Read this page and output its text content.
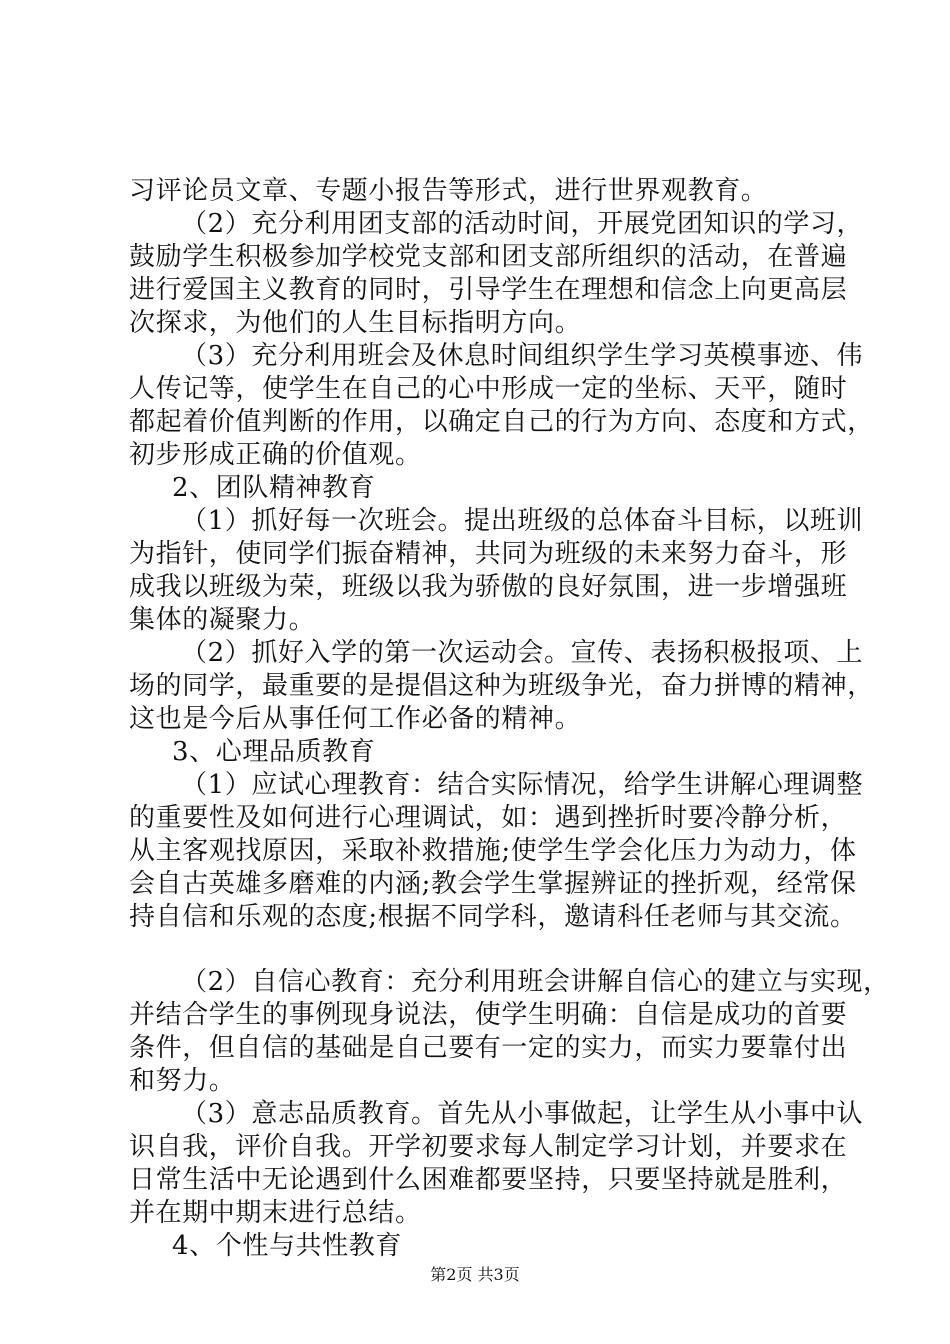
习评论员文章、专题小报告等形式，进行世界观教育。
（2）充分利用团支部的活动时间，开展党团知识的学习，
鼓励学生积极参加学校党支部和团支部所组织的活动，在普遍
进行爱国主义教育的同时，引导学生在理想和信念上向更高层
次探求，为他们的人生目标指明方向。
（3）充分利用班会及休息时间组织学生学习英模事迹、伟
人传记等，使学生在自己的心中形成一定的坐标、天平，随时
都起着价值判断的作用，以确定自己的行为方向、态度和方式，
初步形成正确的价值观。
2、团队精神教育
（1）抓好每一次班会。提出班级的总体奋斗目标，以班训
为指针，使同学们振奋精神，共同为班级的未来努力奋斗，形
成我以班级为荣，班级以我为骄傲的良好氛围，进一步增强班
集体的凝聚力。
（2）抓好入学的第一次运动会。宣传、表扬积极报项、上
场的同学，最重要的是提倡这种为班级争光，奋力拼博的精神，
这也是今后从事任何工作必备的精神。
3、心理品质教育
（1）应试心理教育：结合实际情况，给学生讲解心理调整
的重要性及如何进行心理调试，如：遇到挫折时要冷静分析，
从主客观找原因，采取补救措施;使学生学会化压力为动力，体
会自古英雄多磨难的内涵;教会学生掌握辨证的挫折观，经常保
持自信和乐观的态度;根据不同学科，邀请科任老师与其交流。
（2）自信心教育：充分利用班会讲解自信心的建立与实现，
并结合学生的事例现身说法，使学生明确：自信是成功的首要
条件，但自信的基础是自己要有一定的实力，而实力要靠付出
和努力。
（3）意志品质教育。首先从小事做起，让学生从小事中认
识自我，评价自我。开学初要求每人制定学习计划，并要求在
日常生活中无论遇到什么困难都要坚持，只要坚持就是胜利，
并在期中期末进行总结。
4、个性与共性教育
第2页 共3页
